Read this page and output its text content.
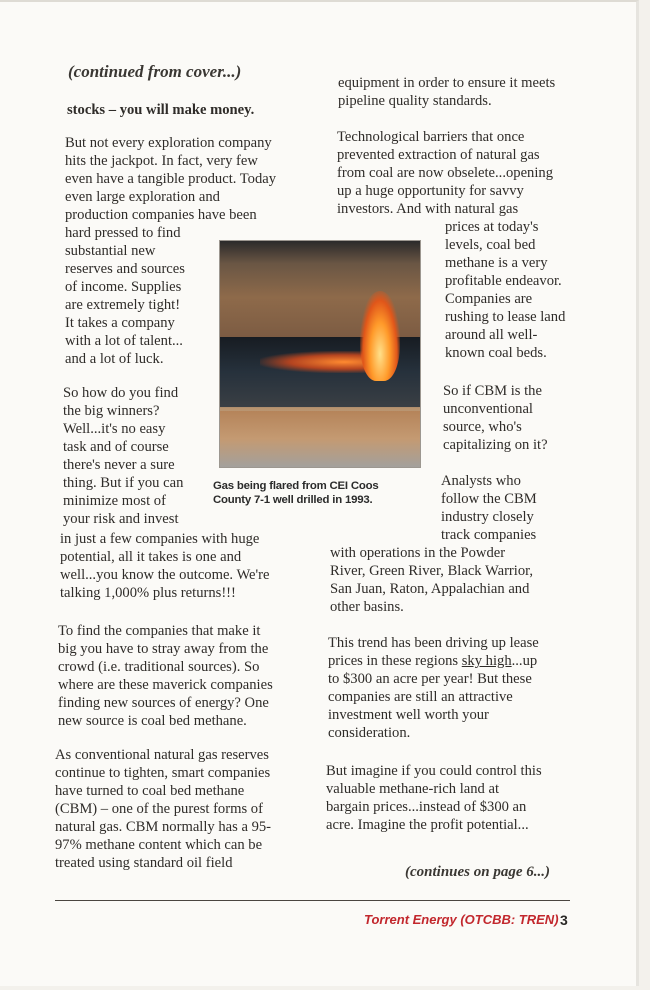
(continued from cover...)

stocks – you will make money.

But not every exploration company
hits the jackpot. In fact, very few
even have a tangible product. Today
even large exploration and
production companies have been
hard pressed to find
substantial new
reserves and sources
of income. Supplies
are extremely tight!
It takes a company
with a lot of talent...
and a lot of luck.

So how do you find
the big winners?
Well...it's no easy
task and of course
there's never a sure
thing. But if you can
minimize most of
your risk and invest

in just a few companies with huge
potential, all it takes is one and
well...you know the outcome. We're
talking 1,000% plus returns!!!

To find the companies that make it
big you have to stray away from the
crowd (i.e. traditional sources). So
where are these maverick companies
finding new sources of energy? One
new source is coal bed methane.

As conventional natural gas reserves
continue to tighten, smart companies
have turned to coal bed methane
(CBM) – one of the purest forms of
natural gas. CBM normally has a 95-
97% methane content which can be
treated using standard oil field

Gas being flared from CEI Coos
County 7-1 well drilled in 1993.

equipment in order to ensure it meets
pipeline quality standards.

Technological barriers that once
prevented extraction of natural gas
from coal are now obselete...opening
up a huge opportunity for savvy
investors. And with natural gas

prices at today's
levels, coal bed
methane is a very
profitable endeavor.
Companies are
rushing to lease land
around all well-
known coal beds.

So if CBM is the
unconventional
source, who's
capitalizing on it?

Analysts who
follow the CBM
industry closely
track companies

with operations in the Powder
River, Green River, Black Warrior,
San Juan, Raton, Appalachian and
other basins.

This trend has been driving up lease
prices in these regions sky high...up
to $300 an acre per year! But these
companies are still an attractive
investment well worth your
consideration.

But imagine if you could control this
valuable methane-rich land at
bargain prices...instead of $300 an
acre. Imagine the profit potential...

(continues on page 6...)
Torrent Energy (OTCBB: TREN) 3
